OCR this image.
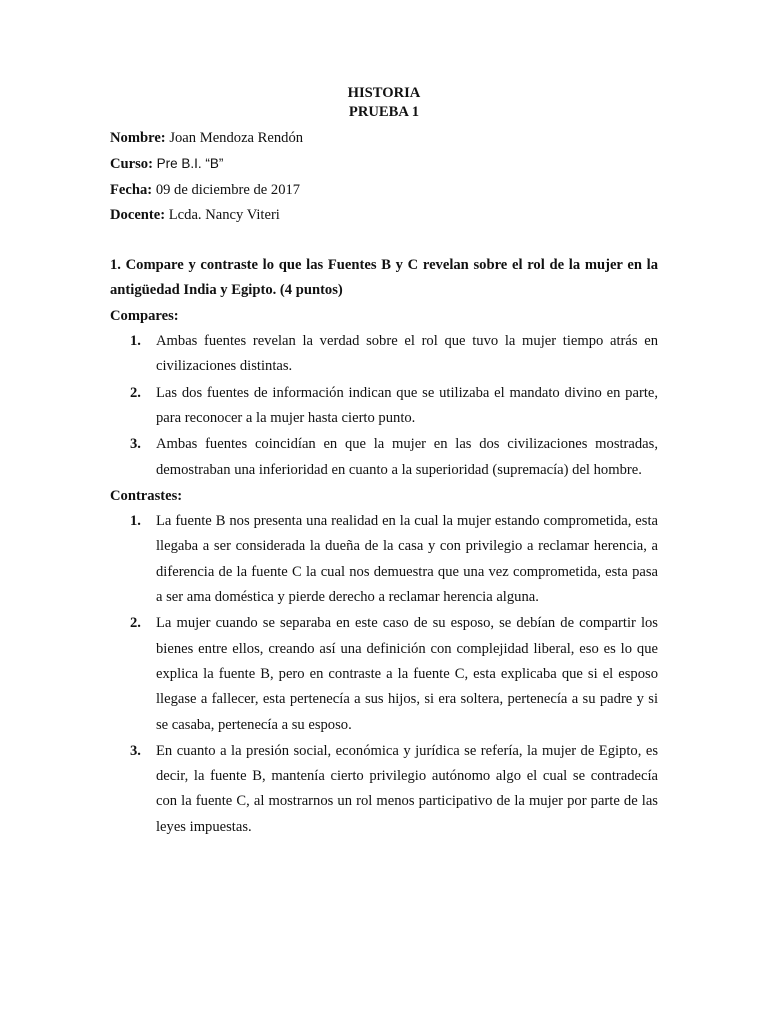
HISTORIA
PRUEBA 1

Nombre: Joan Mendoza Rendón

Curso: Pre B.I. “B”

Fecha: 09 de diciembre de 2017

Docente: Lcda. Nancy Viteri

1. Compare y contraste lo que las Fuentes B y C revelan sobre el rol de la mujer en la antigüedad India y Egipto. (4 puntos)

Compares:

1. Ambas fuentes revelan la verdad sobre el rol que tuvo la mujer tiempo atrás en civilizaciones distintas.
2. Las dos fuentes de información indican que se utilizaba el mandato divino en parte, para reconocer a la mujer hasta cierto punto.
3. Ambas fuentes coincidían en que la mujer en las dos civilizaciones mostradas, demostraban una inferioridad en cuanto a la superioridad (supremacía) del hombre.

Contrastes:

1. La fuente B nos presenta una realidad en la cual la mujer estando comprometida, esta llegaba a ser considerada la dueña de la casa y con privilegio a reclamar herencia, a diferencia de la fuente C la cual nos demuestra que una vez comprometida, esta pasa a ser ama doméstica y pierde derecho a reclamar herencia alguna.
2. La mujer cuando se separaba en este caso de su esposo, se debían de compartir los bienes entre ellos, creando así una definición con complejidad liberal, eso es lo que explica la fuente B, pero en contraste a la fuente C, esta explicaba que si el esposo llegase a fallecer, esta pertenecía a sus hijos, si era soltera, pertenecía a su padre y si se casaba, pertenecía a su esposo.
3. En cuanto a la presión social, económica y jurídica se refería, la mujer de Egipto, es decir, la fuente B, mantenía cierto privilegio autónomo algo el cual se contradecía con la fuente C, al mostrarnos un rol menos participativo de la mujer por parte de las leyes impuestas.
